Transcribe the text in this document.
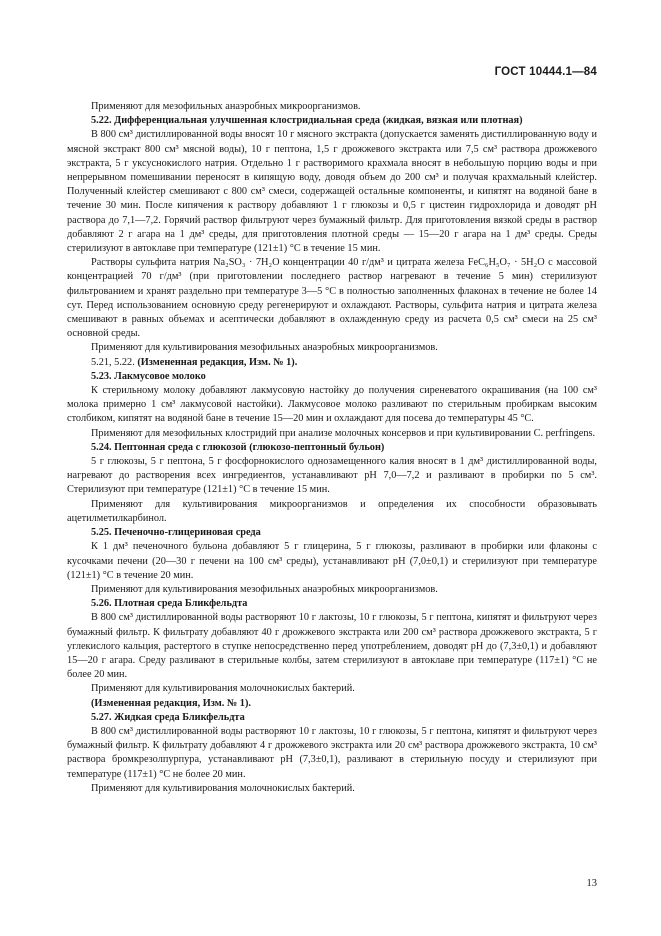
ГОСТ 10444.1—84

Применяют для мезофильных анаэробных микроорганизмов.

5.22. Дифференциальная улучшенная клостридиальная среда (жидкая, вязкая или плотная)

В 800 см³ дистиллированной воды вносят 10 г мясного экстракта (допускается заменять дистиллированную воду и мясной экстракт 800 см³ мясной воды), 10 г пептона, 1,5 г дрожжевого экстракта или 7,5 см³ раствора дрожжевого экстракта, 5 г уксуснокислого натрия. Отдельно 1 г растворимого крахмала вносят в небольшую порцию воды и при непрерывном помешивании переносят в кипящую воду, доводя объем до 200 см³ и получая крахмальный клейстер. Полученный клейстер смешивают с 800 см³ смеси, содержащей остальные компоненты, и кипятят на водяной бане в течение 30 мин. После кипячения к раствору добавляют 1 г глюкозы и 0,5 г цистеин гидрохлорида и доводят pH раствора до 7,1—7,2. Горячий раствор фильтруют через бумажный фильтр. Для приготовления вязкой среды в раствор добавляют 2 г агара на 1 дм³ среды, для приготовления плотной среды — 15—20 г агара на 1 дм³ среды. Среды стерилизуют в автоклаве при температуре (121±1) °С в течение 15 мин.

Растворы сульфита натрия Na₂SO₃ · 7H₂O концентрации 40 г/дм³ и цитрата железа FeC₆H₅O₇ · 5H₂O с массовой концентрацией 70 г/дм³ (при приготовлении последнего раствор нагревают в течение 5 мин) стерилизуют фильтрованием и хранят раздельно при температуре 3—5 °С в полностью заполненных флаконах в течение не более 14 сут. Перед использованием основную среду регенерируют и охлаждают. Растворы, сульфита натрия и цитрата железа смешивают в равных объемах и асептически добавляют в охлажденную среду из расчета 0,5 см³ смеси на 25 см³ основной среды.

Применяют для культивирования мезофильных анаэробных микроорганизмов.

5.21, 5.22. (Измененная редакция, Изм. № 1).

5.23. Лакмусовое молоко

К стерильному молоку добавляют лакмусовую настойку до получения сиреневатого окрашивания (на 100 см³ молока примерно 1 см³ лакмусовой настойки). Лакмусовое молоко разливают по стерильным пробиркам высоким столбиком, кипятят на водяной бане в течение 15—20 мин и охлаждают для посева до температуры 45 °С.

Применяют для мезофильных клостридий при анализе молочных консервов и при культивировании C. perfringens.

5.24. Пептонная среда с глюкозой (глюкозо-пептонный бульон)

5 г глюкозы, 5 г пептона, 5 г фосфорнокислого однозамещенного калия вносят в 1 дм³ дистиллированной воды, нагревают до растворения всех ингредиентов, устанавливают pH 7,0—7,2 и разливают в пробирки по 5 см³. Стерилизуют при температуре (121±1) °С в течение 15 мин.

Применяют для культивирования микроорганизмов и определения их способности образовывать ацетилметилкарбинол.

5.25. Печеночно-глицериновая среда

К 1 дм³ печеночного бульона добавляют 5 г глицерина, 5 г глюкозы, разливают в пробирки или флаконы с кусочками печени (20—30 г печени на 100 см³ среды), устанавливают pH (7,0±0,1) и стерилизуют при температуре (121±1) °С в течение 20 мин.

Применяют для культивирования мезофильных анаэробных микроорганизмов.

5.26. Плотная среда Бликфельдта

В 800 см³ дистиллированной воды растворяют 10 г лактозы, 10 г глюкозы, 5 г пептона, кипятят и фильтруют через бумажный фильтр. К фильтрату добавляют 40 г дрожжевого экстракта или 200 см³ раствора дрожжевого экстракта, 5 г углекислого кальция, растертого в ступке непосредственно перед употреблением, доводят pH до (7,3±0,1) и добавляют 15—20 г агара. Среду разливают в стерильные колбы, затем стерилизуют в автоклаве при температуре (117±1) °С не более 20 мин.

Применяют для культивирования молочнокислых бактерий.

(Измененная редакция, Изм. № 1).

5.27. Жидкая среда Бликфельдта

В 800 см³ дистиллированной воды растворяют 10 г лактозы, 10 г глюкозы, 5 г пептона, кипятят и фильтруют через бумажный фильтр. К фильтрату добавляют 4 г дрожжевого экстракта или 20 см³ раствора дрожжевого экстракта, 10 см³ раствора бромкрезолпурпура, устанавливают pH (7,3±0,1), разливают в стерильную посуду и стерилизуют при температуре (117±1) °С не более 20 мин.

Применяют для культивирования молочнокислых бактерий.

13
